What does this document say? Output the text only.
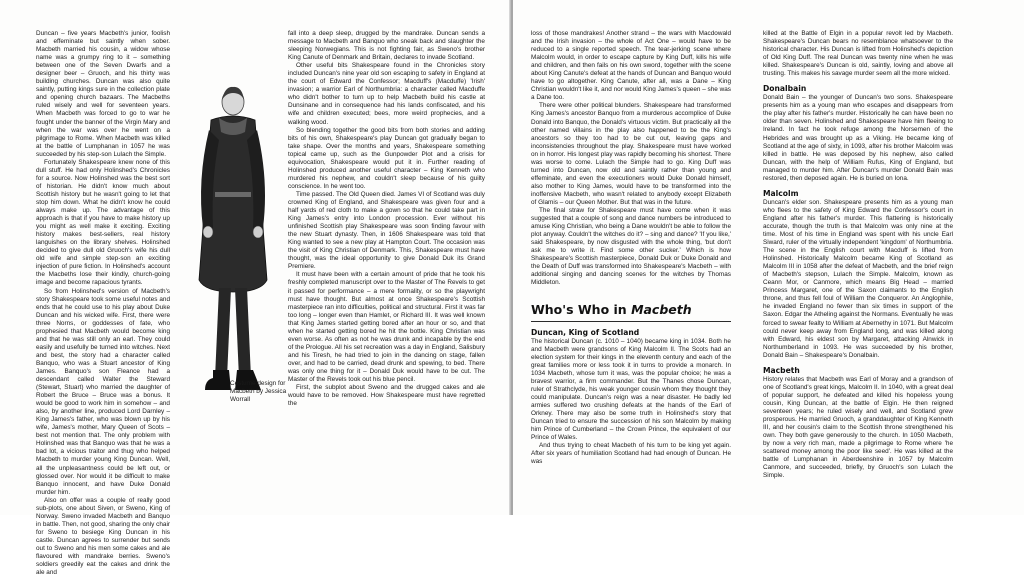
Duncan – five years Macbeth's junior, foolish and effeminate but saintly when sober. Macbeth married his cousin, a widow whose name was a grumpy ring to it – something between one of the Seven Dwarfs and a designer beer – Gruoch, and his thirty was building churches. Duncan was also quite saintly, putting kings sure in the collection plate and opening church bazaars. The Macbeths ruled wisely and well for seventeen years. When Macbeth was forced to go to war he fought under the banner of the Virgin Mary and when the war was over he went on a pilgrimage to Rome. When Macbeth was killed at the battle of Lumphanan in 1057 he was succeeded by his step-son Lulach the Simple.

Fortunately Shakespeare knew none of this dull stuff. He had only Holinshed's Chronicles for a source. Now Holinshed was the best sort of historian. He didn't know much about Scottish history but he wasn't going to let that stop him down. What he didn't know he could always make up. The advantage of this approach is that if you have to make history up you might as well make it exciting. Exciting history makes best-sellers, real history languishes on the library shelves. Holinshed decided to give dull old Gruoch's wife his dull old wife and simple step-son an exciting injection of pure fiction. In Holinshed's account the Macbeths lose their kindly, church-going image and become rapacious tyrants.

So from Holinshed's version of Macbeth's story Shakespeare took some useful notes and ends that he could use to his play about Duke Duncan and his wicked wife. First, there were three Norns, or goddesses of fate, who prophesied that Macbeth would become king and that he was still only an earl. They could easily and usefully be turned into witches. Next and best, the story had a character called Banquo, who was a Stuart ancestor of King James. Banquo's son Fleance had a descendant called Walter the Steward (Stewart, Stuart) who married the daughter of Robert the Bruce – Bruce was a bonus. It would be good to work him in somehow – and also, by another line, produced Lord Darnley – King James's father, who was blown up by his wife, James's mother, Mary Queen of Scots – best not mention that. The only problem with Holinshed was that Banquo was that he was a bad lot, a vicious traitor and thug who helped Macbeth to murder young King Duncan. Well, all the unpleasantness could be left out, or glossed over. Nor would it be difficult to make Banquo innocent, and have Duke Donald murder him.

Also on offer was a couple of really good sub-plots, one about Siven, or Sweno, King of Norway. Sweno invaded Macbeth and Banquo in battle. Then, not good, sharing the only chair for Sweno to besiege King Duncan in his castle. Duncan agrees to surrender but sends out to Sweno and his men some cakes and ale flavoured with mandrake berries. Sweno's soldiers greedily eat the cakes and drink the ale and

Costume design for Macbeth by Jessica Worrall

fall into a deep sleep, drugged by the mandrake. Duncan sends a message to Macbeth and Banquo who sneak back and slaughter the sleeping Norwegians. This is not fighting fair, as Sweno's brother King Canute of Denmark and Britain, declares to invade Scotland.

Other useful bits Shakespeare found in the Chronicles story included Duncan's nine year old son escaping to safety in England at the court of Edward the Confessor; Macduff's (Macduffe) 'Irish' invasion; a warrior Earl of Northumbria: a character called Macduffe who didn't bother to turn up to help Macbeth build his castle at Dunsinane and in consequence had his lands confiscated, and his wife and children executed; bees, more weird prophecies, and a walking wood.

So blending together the good bits from both stories and adding bits of his own, Shakespeare's play Duncan got gradually began to take shape. Over the months and years, Shakespeare something topical came up, such as the Gunpowder Plot and a crisis for equivocation, Shakespeare would put it in. Further reading of Holinshed produced another useful character – King Kenneth who murdered his nephew, and couldn't sleep because of his guilty conscience. In he went too.

Time passed. The Old Queen died. James VI of Scotland was duly crowned King of England, and Shakespeare was given four and a half yards of red cloth to make a gown so that he could take part in King James's entry into London procession. Ever without his unfinished Scottish play Shakespeare was soon finding favour with the new Stuart dynasty. Then, in 1606 Shakespeare was told that King wanted to see a new play at Hampton Court. The occasion was the visit of King Christian of Denmark. This, Shakespeare must have thought, was the ideal opportunity to give Donald Duk its Grand Premiere.

It must have been with a certain amount of pride that he took his freshly completed manuscript over to the Master of The Revels to get it passed for performance – a mere formality, or so the playwright must have thought. But almost at once Shakespeare's Scottish masterpiece ran into difficulties, political and structural. First it was far too long – longer even than Hamlet, or Richard III. It was well known that King James started getting bored after an hour or so, and that when he started getting bored he hit the bottle. King Christian was even worse. As often as not he was drunk and incapable by the end of the Prologue. All his set recreation was a day in England, Salisbury and his Tiresh, he had tried to join in the dancing on stage, fallen over, and had to be carried, dead drunk and spewing, to bed. There was only one thing for it – Donald Duk would have to be cut. The Master of the Revels took out his blue pencil.

First, the subplot about Sweno and the drugged cakes and ale would have to be removed. How Shakespeare must have regretted the

loss of those mandrakes! Another strand – the wars with Macdowald and the Irish invasion – the whole of Act One – would have to be reduced to a single reported speech. The tear-jerking scene where Malcolm would, in order to escape capture by King Duff, kills his wife and children, and then fails on his own sword, together with the scene about King Canute's defeat at the hands of Duncan and Banquo would have to go altogether. King Canute, after all, was a Dane – King Christian wouldn't like it, and nor would King James's queen – she was a Dane too.

There were other political blunders. Shakespeare had transformed King James's ancestor Banquo from a murderous accomplice of Duke Donald into Banquo, the Donald's virtuous victim. But practically all the other named villains in the play also happened to be the King's ancestors so they too had to be cut out, leaving gaps and inconsistencies throughout the play. Shakespeare must have worked on in horror. His longest play was rapidly becoming his shortest. There was worse to come. Lulach the Simple had to go. King Duff was turned into Duncan, now old and saintly rather than young and effeminate, and even the executioners would Duke Donald himself, also mother to King James, would have to be transformed into the inoffensive Macbeth, who wasn't related to anybody except Elizabeth of Glamis – our Queen Mother. But that was in the future.

The final straw for Shakespeare must have come when it was suggested that a couple of song and dance numbers be introduced to amuse King Christian, who being a Dane wouldn't be able to follow the plot anyway. Couldn't the witches do it? – sing and dance? 'If you like,' said Shakespeare, by now disgusted with the whole thing, 'but don't ask me to write it. Find some other sucker.' Which is how Shakespeare's Scottish masterpiece, Donald Duk or Duke Donald and the Death of Duff was transformed into Shakespeare's Macbeth – with additional singing and dancing scenes for the witches by Thomas Middleton.

Who's Who in Macbeth
Duncan, King of Scotland

The historical Duncan (c. 1010 – 1040) became king in 1034. Both he and Macbeth were grandsons of King Malcolm II. The Scots had an election system for their kings in the eleventh century and each of the great families more or less took it in turns to provide a monarch. In 1034 Macbeth, whose turn it was, was the popular choice; he was a bravest warrior, a firm commander. But the Thanes chose Duncan, ruler of Strathclyde, his weak younger cousin whom they thought they could manipulate. Duncan's reign was a near disaster. He badly led armies suffered two crushing defeats at the hands of the Earl of Orkney. There may also be some truth in Holinshed's story that Duncan tried to ensure the succession of his son Malcolm by making him Prince of Cumberland – the Crown Prince, the equivalent of our Prince of Wales.

And thus trying to cheat Macbeth of his turn to be king yet again. After six years of humiliation Scotland had had enough of Duncan. He was

killed at the Battle of Elgin in a popular revolt led by Macbeth. Shakespeare's Duncan bears no resemblance whatsoever to the historical character. His Duncan is lifted from Holinshed's depiction of Old King Duff. The real Duncan was twenty nine when he was killed. Shakespeare's Duncan is old, saintly, loving and above all trusting. This makes his savage murder seem all the more wicked.

Donalbain

Donald Bain – the younger of Duncan's two sons. Shakespeare presents him as a young man who escapes and disappears from the play after his father's murder. Historically he can have been no older than seven. Holinshed and Shakespeare have him fleeing to Ireland. In fact he took refuge among the Norsemen of the Hebrides and was brought up as a Viking. He became king of Scotland at the age of sixty, in 1093, after his brother Malcolm was killed in battle. He was deposed by his nephew, also called Duncan, with the help of William Rufus, King of England, but managed to murder him. After Duncan's murder Donald Bain was restored, then deposed again. He is buried on Iona.

Malcolm

Duncan's elder son. Shakespeare presents him as a young man who flees to the safety of King Edward the Confessor's court in England after his father's murder. This flattering is historically accurate, though the truth is that Malcolm was only nine at the time. Most of his time in England was spent with his uncle Earl Siward, ruler of the virtually independent 'kingdom' of Northumbria. The scene in the English court with Macduff is lifted from Holinshed. Historically Malcolm became King of Scotland as Malcolm III in 1058 after the defeat of Macbeth, and the brief reign of Macbeth's stepson, Lulach the Simple. Malcolm, known as Ceann Mor, or Canmore, which means Big Head – married Princess Margaret, one of the Saxon claimants to the English throne, and thus fell foul of William the Conqueror. An Anglophile, he invaded England no fewer than six times in support of the Saxon. Edgar the Atheling against the Normans. Eventually he was forced to swear fealty to William at Abernethy in 1071. But Malcolm could never keep away from England long, and was killed along with Edward, his eldest son by Margaret, attacking Alnwick in Northumberland in 1093. He was succeeded by his brother, Donald Bain – Shakespeare's Donalbain.

Macbeth

History relates that Macbeth was Earl of Moray and a grandson of one of Scotland's great kings, Malcolm II. In 1040, with a great deal of popular support, he defeated and killed his hopeless young cousin, King Duncan, at the battle of Elgin. He then reigned seventeen years; he ruled wisely and well, and Scotland grew prosperous. He married Gruoch, a granddaughter of King Kenneth III, and her cousin's claim to the Scottish throne strengthened his own. They both gave generously to the church. In 1050 Macbeth, by now a very rich man, made a pilgrimage to Rome where 'he scattered money among the poor like seed'. He was killed at the battle of Lumphanan in Aberdeenshire in 1057 by Malcolm Canmore, and succeeded, briefly, by Gruoch's son Lulach the Simple.
